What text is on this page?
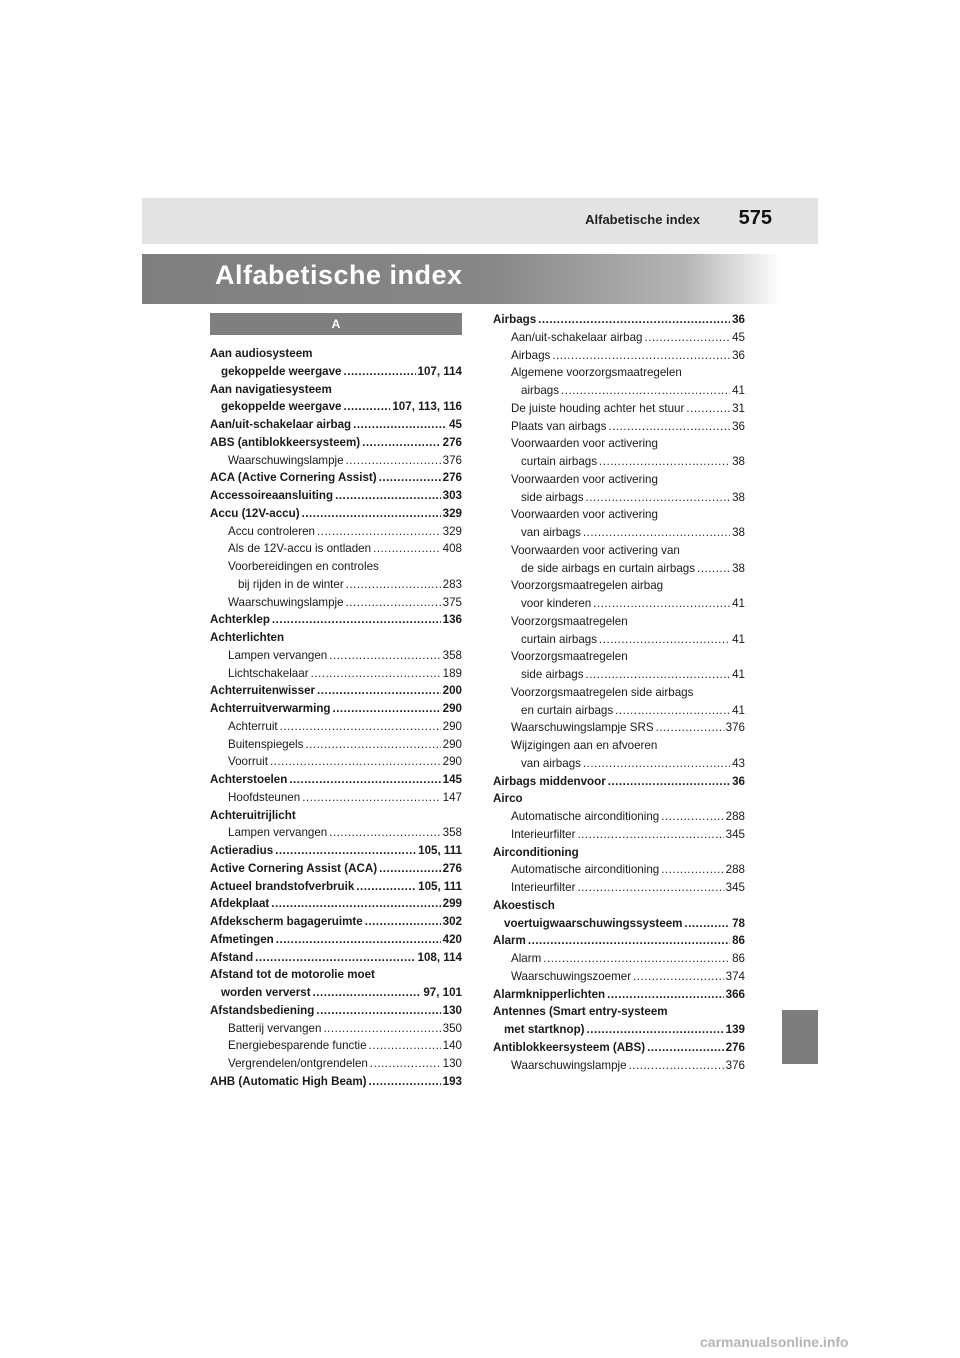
Alfabetische index 575
Alfabetische index
A
Aan audiosysteem
gekoppelde weergave .....	107, 114
Aan navigatiesysteem
gekoppelde weergave .....	107, 113, 116
Aan/uit-schakelaar airbag .....	45
ABS (antiblokkeersysteem) .....	276
Waarschuwingslampje .....	376
ACA (Active Cornering Assist) .....	276
Accessoireaansluiting .....	303
Accu (12V-accu) .....	329
Accu controleren .....	329
Als de 12V-accu is ontladen .....	408
Voorbereidingen en controles
bij rijden in de winter .....	283
Waarschuwingslampje .....	375
Achterklep .....	136
Achterlichten
Lampen vervangen .....	358
Lichtschakelaar .....	189
Achterruitenwisser .....	200
Achterruitverwarming .....	290
Achterruit .....	290
Buitenspiegels .....	290
Voorruit .....	290
Achterstoelen .....	145
Hoofdsteunen .....	147
Achteruitrijlicht
Lampen vervangen .....	358
Actieradius .....	105, 111
Active Cornering Assist (ACA) .....	276
Actueel brandstofverbruik .....	105, 111
Afdekplaat .....	299
Afdekscherm bagageruimte .....	302
Afmetingen .....	420
Afstand .....	108, 114
Afstand tot de motorolie moet
worden ververst .....	97, 101
Afstandsbediening .....	130
Batterij vervangen .....	350
Energiebesparende functie .....	140
Vergrendelen/ontgrendelen .....	130
AHB (Automatic High Beam) .....	193
Airbags .....	36
Aan/uit-schakelaar airbag .....	45
Airbags .....	36
Algemene voorzorgsmaatregelen
airbags .....	41
De juiste houding achter het stuur .....	31
Plaats van airbags .....	36
Voorwaarden voor activering
curtain airbags .....	38
Voorwaarden voor activering
side airbags .....	38
Voorwaarden voor activering
van airbags .....	38
Voorwaarden voor activering van
de side airbags en curtain airbags .....	38
Voorzorgsmaatregelen airbag
voor kinderen .....	41
Voorzorgsmaatregelen
curtain airbags .....	41
Voorzorgsmaatregelen
side airbags .....	41
Voorzorgsmaatregelen side airbags
en curtain airbags .....	41
Waarschuwingslampje SRS .....	376
Wijzigingen aan en afvoeren
van airbags .....	43
Airbags middenvoor .....	36
Airco
Automatische airconditioning .....	288
Interieurfilter .....	345
Airconditioning
Automatische airconditioning .....	288
Interieurfilter .....	345
Akoestisch
voertuigwaarschuwingssysteem .....	78
Alarm .....	86
Alarm .....	86
Waarschuwingszoemer .....	374
Alarmknipperlichten .....	366
Antennes (Smart entry-systeem
met startknop) .....	139
Antiblokkeersysteem (ABS) .....	276
Waarschuwingslampje .....	376
carmanualsonline.info
